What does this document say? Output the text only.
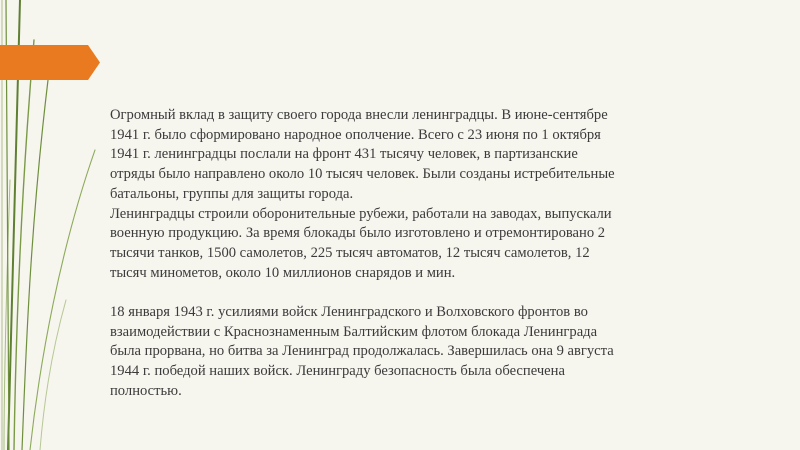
Огромный вклад в защиту своего города внесли ленинградцы. В июне-сентябре
1941 г. было сформировано народное ополчение. Всего с 23 июня по 1 октября
1941 г. ленинградцы послали на фронт 431 тысячу человек, в партизанские
отряды было направлено около 10 тысяч человек. Были созданы истребительные
батальоны, группы для защиты города.

Ленинградцы строили оборонительные рубежи, работали на заводах, выпускали
военную продукцию. За время блокады было изготовлено и отремонтировано 2
тысячи танков, 1500 самолетов, 225 тысяч автоматов, 12 тысяч самолетов, 12
тысяч минометов, около 10 миллионов снарядов и мин.

18 января 1943 г. усилиями войск Ленинградского и Волховского фронтов во
взаимодействии с Краснознаменным Балтийским флотом блокада Ленинграда
была прорвана, но битва за Ленинград продолжалась. Завершилась она 9 августа
1944 г. победой наших войск. Ленинграду безопасность была обеспечена
полностью.
